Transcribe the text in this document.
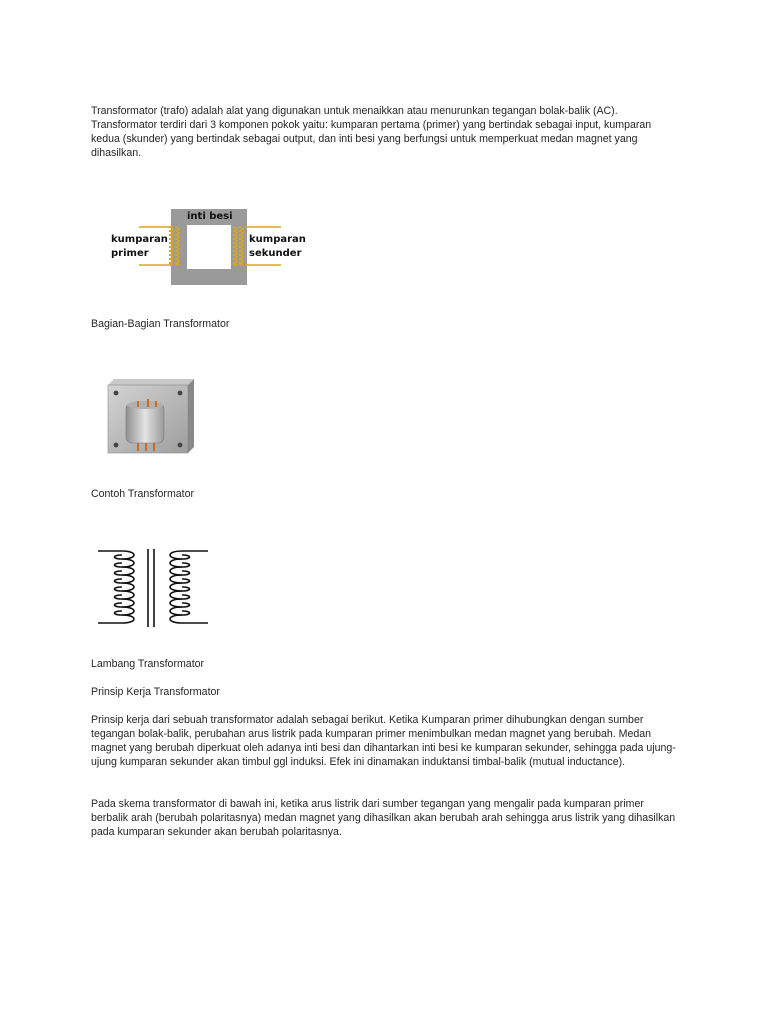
Transformator (trafo) adalah alat yang digunakan untuk menaikkan atau menurunkan tegangan bolak-balik (AC). Transformator terdiri dari 3 komponen pokok yaitu: kumparan pertama (primer) yang bertindak sebagai input, kumparan kedua (skunder) yang bertindak sebagai output, dan inti besi yang berfungsi untuk memperkuat medan magnet yang dihasilkan.

inti besi
kumparan
primer
kumparan
sekunder
Bagian-Bagian Transformator
Contoh Transformator
Lambang Transformator
Prinsip Kerja Transformator

Prinsip kerja dari sebuah transformator adalah sebagai berikut. Ketika Kumparan primer dihubungkan dengan sumber tegangan bolak-balik, perubahan arus listrik pada kumparan primer menimbulkan medan magnet yang berubah. Medan magnet yang berubah diperkuat oleh adanya inti besi dan dihantarkan inti besi ke kumparan sekunder, sehingga pada ujung-ujung kumparan sekunder akan timbul ggl induksi. Efek ini dinamakan induktansi timbal-balik (mutual inductance).

Pada skema transformator di bawah ini, ketika arus listrik dari sumber tegangan yang mengalir pada kumparan primer berbalik arah (berubah polaritasnya) medan magnet yang dihasilkan akan berubah arah sehingga arus listrik yang dihasilkan pada kumparan sekunder akan berubah polaritasnya.
